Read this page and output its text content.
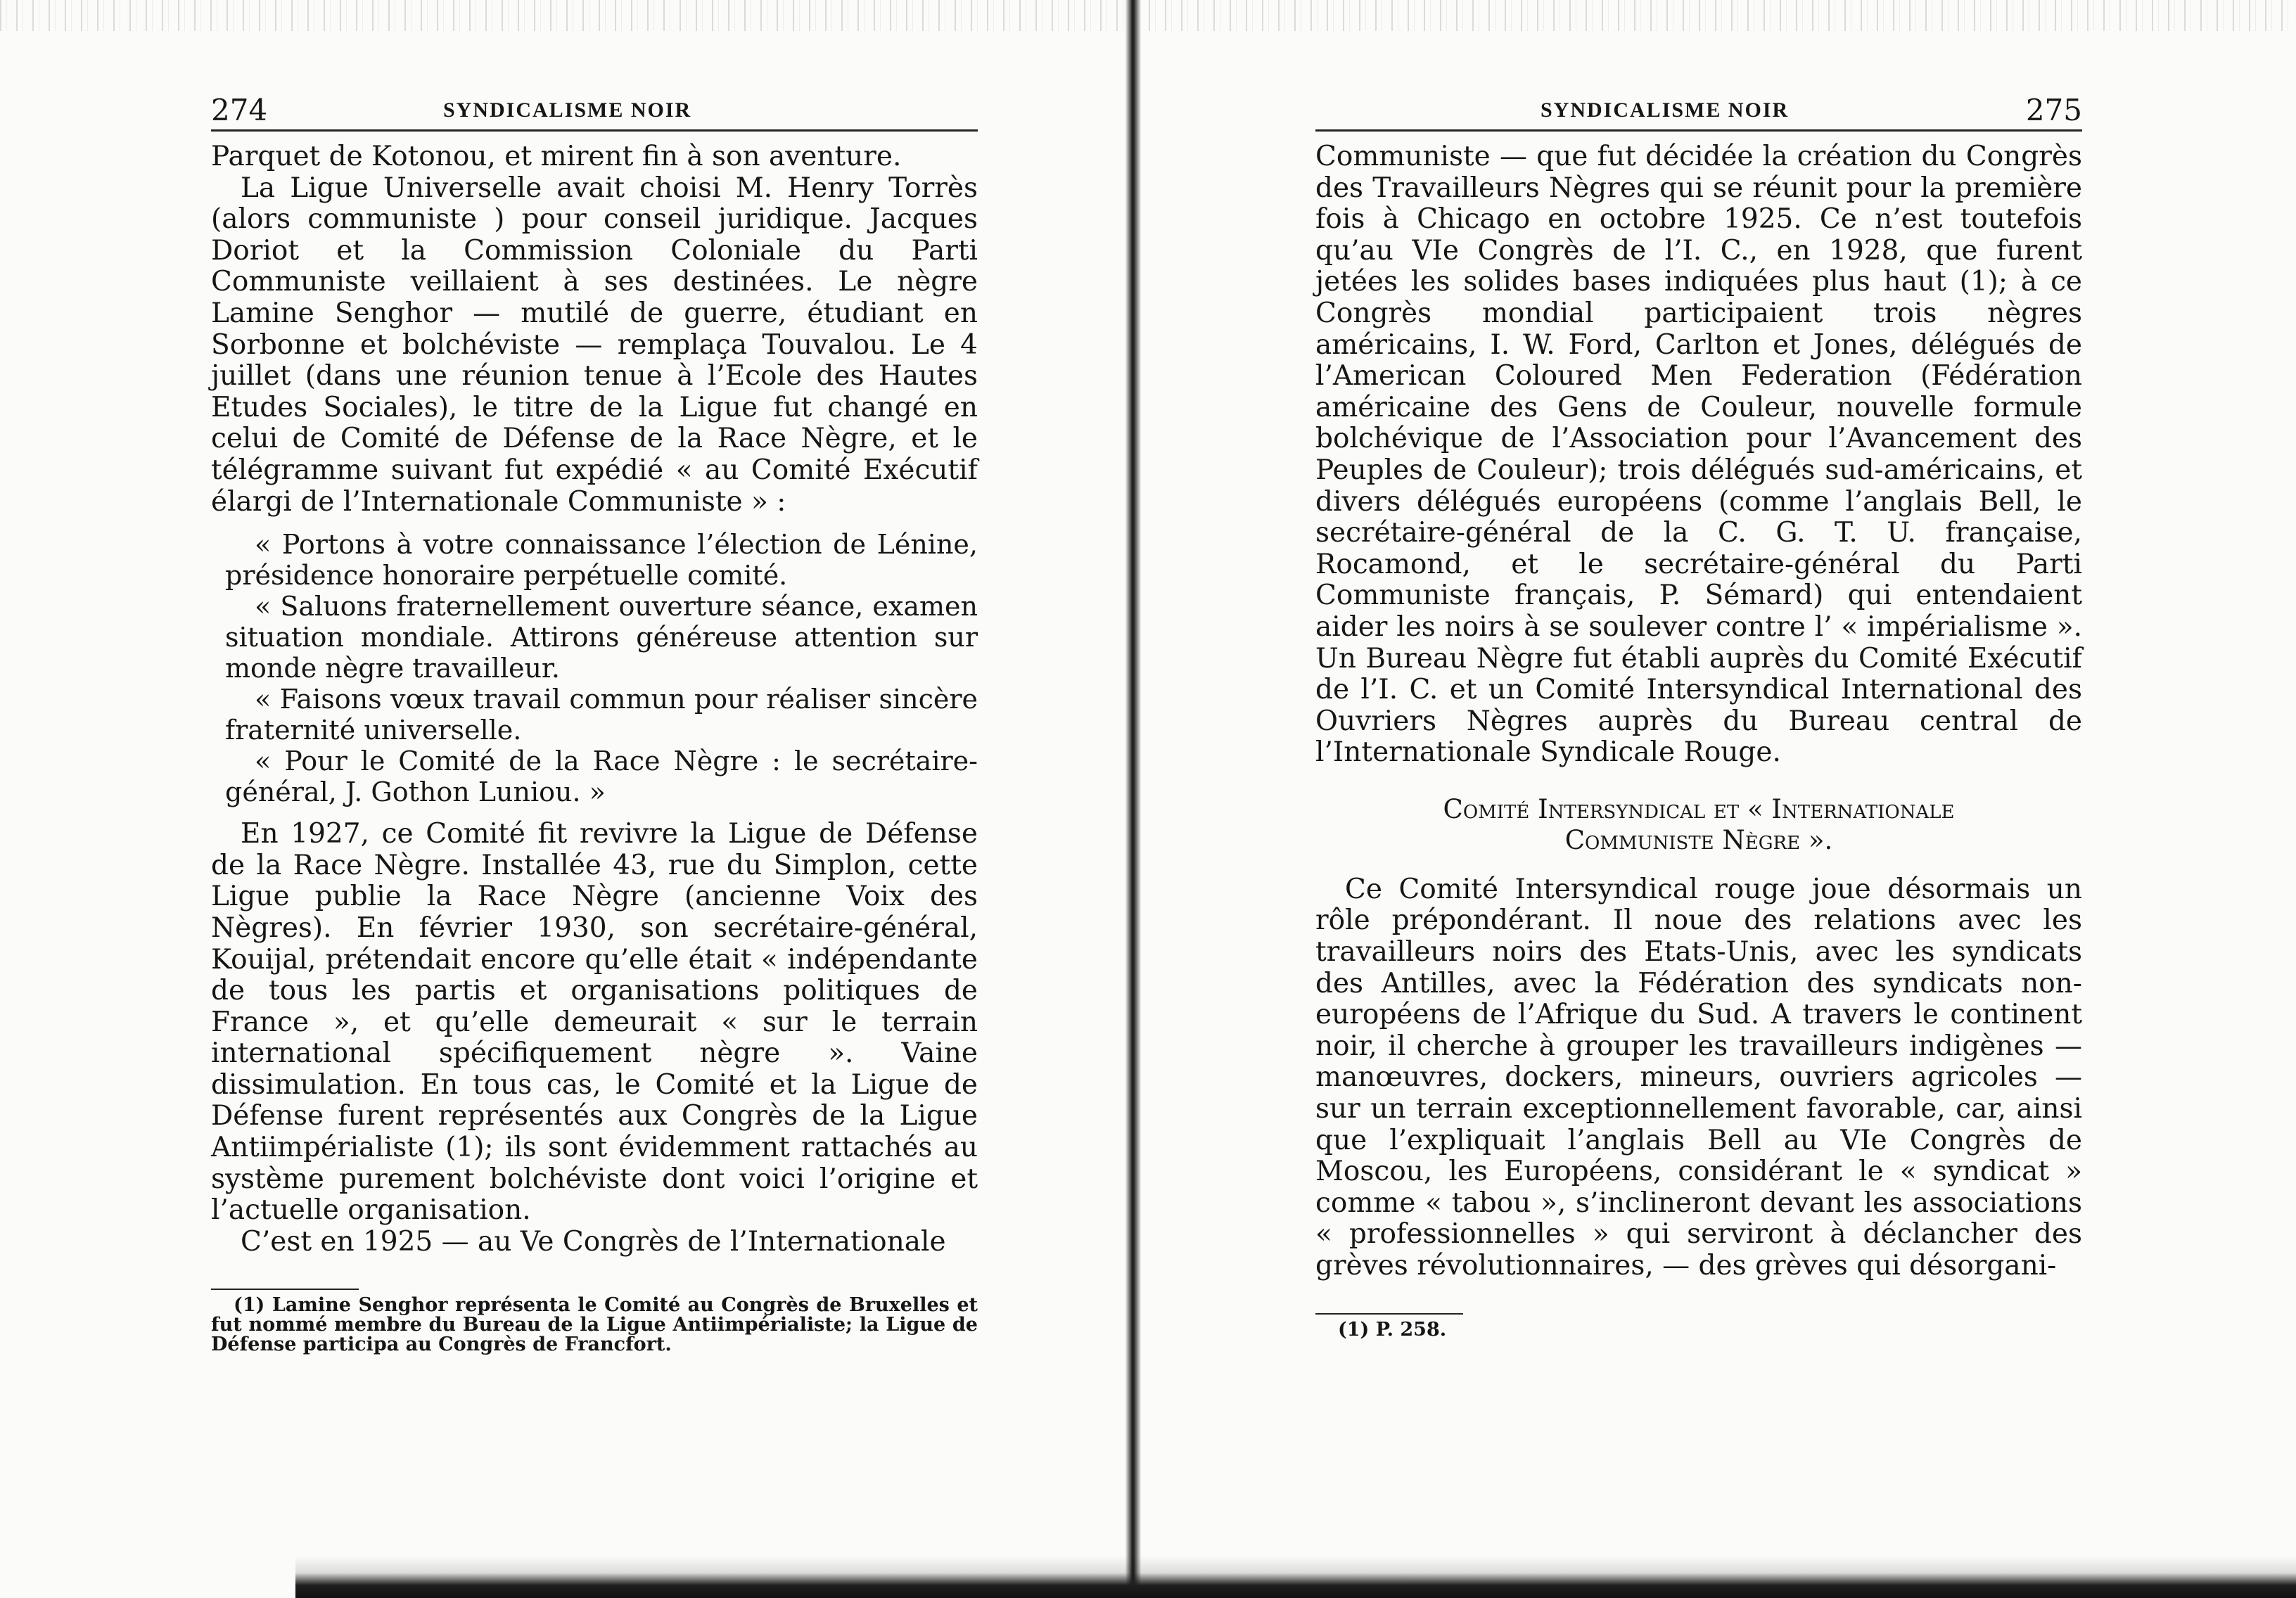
274	SYNDICALISME NOIR

Parquet de Kotonou, et mirent fin à son aventure.

La Ligue Universelle avait choisi M. Henry Torrès (alors communiste ) pour conseil juridique. Jacques Doriot et la Commission Coloniale du Parti Communiste veillaient à ses destinées. Le nègre Lamine Senghor — mutilé de guerre, étudiant en Sorbonne et bolchéviste — remplaça Touvalou. Le 4 juillet (dans une réunion tenue à l’Ecole des Hautes Etudes Sociales), le titre de la Ligue fut changé en celui de Comité de Défense de la Race Nègre, et le télégramme suivant fut expédié « au Comité Exécutif élargi de l’Internationale Communiste » :

« Portons à votre connaissance l’élection de Lénine, présidence honoraire perpétuelle comité.

« Saluons fraternellement ouverture séance, examen situation mondiale. Attirons généreuse attention sur monde nègre travailleur.

« Faisons vœux travail commun pour réaliser sincère fraternité universelle.

« Pour le Comité de la Race Nègre : le secrétaire-général, J. Gothon Luniou. »

En 1927, ce Comité fit revivre la Ligue de Défense de la Race Nègre. Installée 43, rue du Simplon, cette Ligue publie la Race Nègre (ancienne Voix des Nègres). En février 1930, son secrétaire-général, Kouijal, prétendait encore qu’elle était « indépendante de tous les partis et organisations politiques de France », et qu’elle demeurait « sur le terrain international spécifiquement nègre ». Vaine dissimulation. En tous cas, le Comité et la Ligue de Défense furent représentés aux Congrès de la Ligue Antiimpérialiste (1); ils sont évidemment rattachés au système purement bolchéviste dont voici l’origine et l’actuelle organisation.

C’est en 1925 — au Ve Congrès de l’Internationale

(1) Lamine Senghor représenta le Comité au Congrès de Bruxelles et fut nommé membre du Bureau de la Ligue Antiimpérialiste; la Ligue de Défense participa au Congrès de Francfort.

SYNDICALISME NOIR	275

Communiste — que fut décidée la création du Congrès des Travailleurs Nègres qui se réunit pour la première fois à Chicago en octobre 1925. Ce n’est toutefois qu’au VIe Congrès de l’I. C., en 1928, que furent jetées les solides bases indiquées plus haut (1); à ce Congrès mondial participaient trois nègres américains, I. W. Ford, Carlton et Jones, délégués de l’American Coloured Men Federation (Fédération américaine des Gens de Couleur, nouvelle formule bolchévique de l’Association pour l’Avancement des Peuples de Couleur); trois délégués sud-américains, et divers délégués européens (comme l’anglais Bell, le secrétaire-général de la C. G. T. U. française, Rocamond, et le secrétaire-général du Parti Communiste français, P. Sémard) qui entendaient aider les noirs à se soulever contre l’ « impérialisme ». Un Bureau Nègre fut établi auprès du Comité Exécutif de l’I. C. et un Comité Intersyndical International des Ouvriers Nègres auprès du Bureau central de l’Internationale Syndicale Rouge.

Comité Intersyndical et « Internationale
Communiste Nègre ».

Ce Comité Intersyndical rouge joue désormais un rôle prépondérant. Il noue des relations avec les travailleurs noirs des Etats-Unis, avec les syndicats des Antilles, avec la Fédération des syndicats non-européens de l’Afrique du Sud. A travers le continent noir, il cherche à grouper les travailleurs indigènes — manœuvres, dockers, mineurs, ouvriers agricoles — sur un terrain exceptionnellement favorable, car, ainsi que l’expliquait l’anglais Bell au VIe Congrès de Moscou, les Européens, considérant le « syndicat » comme « tabou », s’inclineront devant les associations « professionnelles » qui serviront à déclancher des grèves révolutionnaires, — des grèves qui désorgani-

(1) P. 258.
